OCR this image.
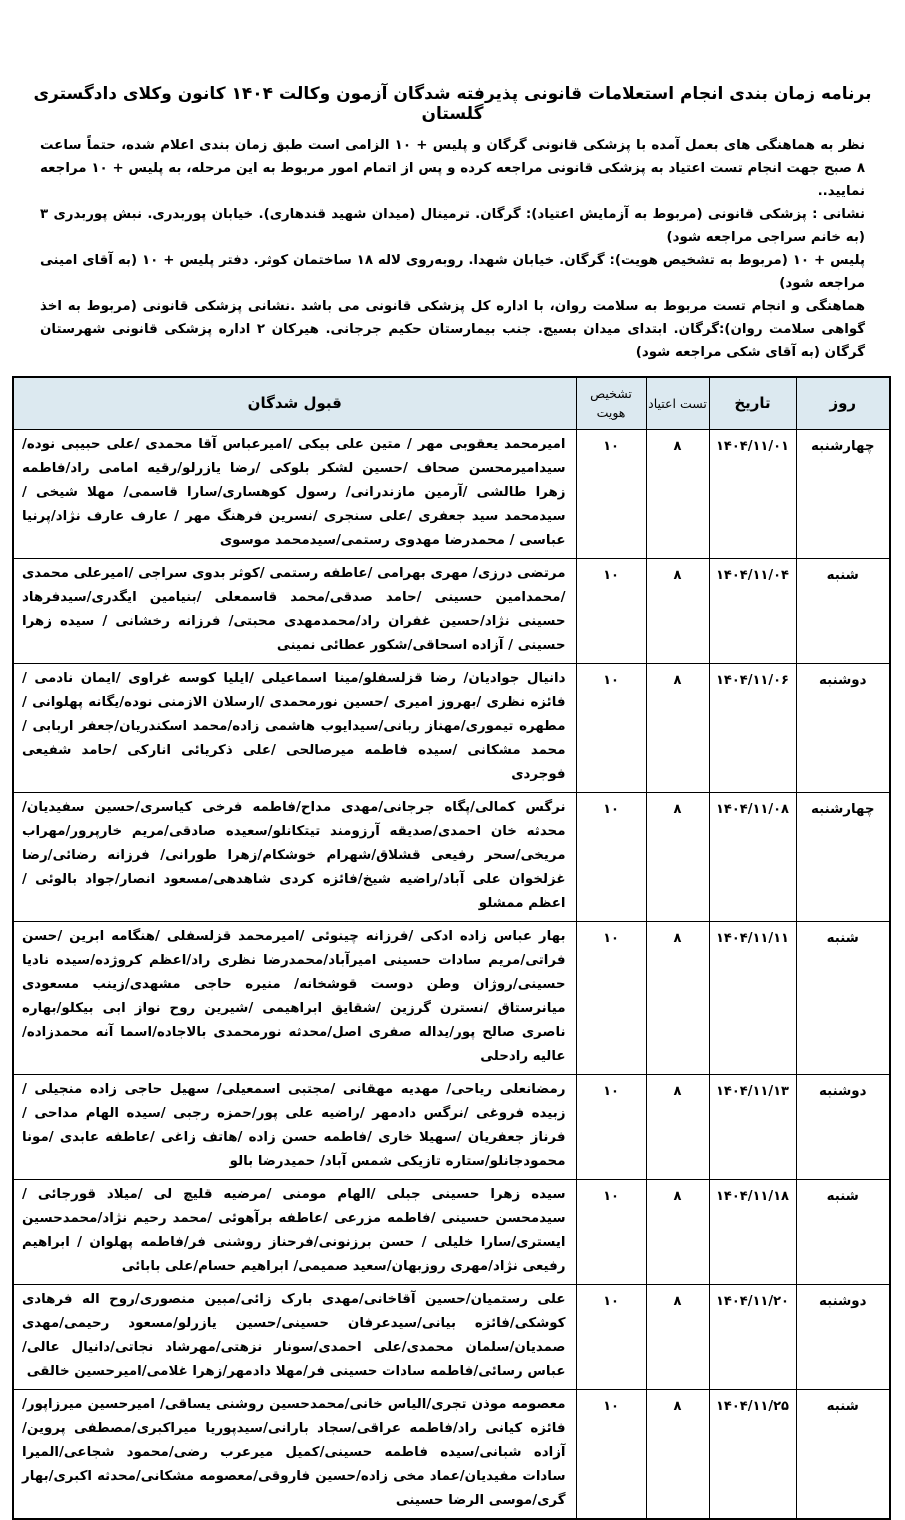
برنامه زمان بندی انجام استعلامات قانونی پذیرفته شدگان آزمون وکالت ۱۴۰۴ کانون وکلای دادگستری گلستان

نظر به هماهنگی های بعمل آمده با پزشکی قانونی گرگان و پلیس + ۱۰ الزامی است طبق زمان بندی اعلام شده، حتماً ساعت ۸ صبح جهت انجام تست اعتیاد به پزشکی قانونی مراجعه کرده و پس از اتمام امور مربوط به این مرحله، به پلیس + ۱۰ مراجعه نمایید..

نشانی : پزشکی قانونی (مربوط به آزمایش اعتیاد): گرگان. ترمینال (میدان شهید قندهاری). خیابان پوربدری. نبش پوربدری ۳ (به خانم سراجی مراجعه شود)

پلیس + ۱۰ (مربوط به تشخیص هویت): گرگان. خیابان شهدا. روبه‌روی لاله ۱۸ ساختمان کوثر. دفتر پلیس + ۱۰ (به آقای امینی مراجعه شود)

هماهنگی و انجام تست مربوط به سلامت روان، با اداره کل پزشکی قانونی می باشد .نشانی پزشکی قانونی (مربوط به اخذ گواهی سلامت روان):گرگان. ابتدای میدان بسیج. جنب بیمارستان حکیم جرجانی. هیرکان ۲ اداره پزشکی قانونی شهرستان گرگان (به آقای شکی مراجعه شود)

روز	تاریخ	تست اعتیاد	تشخیص هویت	قبول شدگان
چهارشنبه	۱۴۰۴/۱۱/۰۱	۸	۱۰	امیرمحمد یعقوبی مهر / متین علی بیکی /امیرعباس آقا محمدی /علی حبیبی نوده/سیدامیرمحسن صحاف /حسین لشکر بلوکی /رضا یازرلو/رقیه امامی راد/فاطمه زهرا طالشی /آرمین مازندرانی/ رسول کوهساری/سارا قاسمی/ مهلا شیخی / سیدمحمد سید جعفری /علی سنجری /نسرین فرهنگ مهر / عارف عارف نژاد/پرنیا عباسی / محمدرضا مهدوی رستمی/سیدمحمد موسوی
شنبه	۱۴۰۴/۱۱/۰۴	۸	۱۰	مرتضی درزی/ مهری بهرامی /عاطفه رستمی /کوثر بدوی سراجی /امیرعلی محمدی /محمدامین حسینی /حامد صدقی/محمد قاسمعلی /بنیامین ایگدری/سیدفرهاد حسینی نژاد/حسین غفران راد/محمدمهدی محبتی/ فرزانه رخشانی / سیده زهرا حسینی / آزاده اسحاقی/شکور عطائی نمینی
دوشنبه	۱۴۰۴/۱۱/۰۶	۸	۱۰	دانیال جوادیان/ رضا قزلسفلو/مینا اسماعیلی /ایلیا کوسه غراوی /ایمان نادمی /فائزه نظری /بهروز امیری /حسین نورمحمدی /ارسلان الازمنی نوده/یگانه پهلوانی /مطهره تیموری/مهناز ربانی/سیدایوب هاشمی زاده/محمد اسکندریان/جعفر اربابی /محمد مشکانی /سیده فاطمه میرصالحی /علی ذکریائی انارکی /حامد شفیعی فوجردی
چهارشنبه	۱۴۰۴/۱۱/۰۸	۸	۱۰	نرگس کمالی/پگاه جرجانی/مهدی مداح/فاطمه فرخی کیاسری/حسین سفیدیان/محدثه خان احمدی/صدیقه آرزومند تیتکانلو/سعیده صادقی/مریم خارپرور/مهراب مریخی/سحر رفیعی قشلاق/شهرام خوشکام/زهرا طورانی/ فرزانه رضائی/رضا غزلخوان علی آباد/راضیه شیخ/فائزه کردی شاهدهی/مسعود انصار/جواد بالوئی /اعظم ممشلو
شنبه	۱۴۰۴/۱۱/۱۱	۸	۱۰	بهار عباس زاده ادکی /فرزانه چینوئی /امیرمحمد قزلسفلی /هنگامه ابرین /حسن فراتی/مریم سادات حسینی امیرآباد/محمدرضا نظری راد/اعظم کروژده/سیده نادیا حسینی/روژان وطن دوست قوشخانه/ منیره حاجی مشهدی/زینب مسعودی میانرستاق /نسترن گرزین /شقایق ابراهیمی /شیرین روح نواز ابی بیکلو/بهاره ناصری صالح پور/یداله صفری اصل/محدثه نورمحمدی بالاجاده/اسما آنه محمدزاده/عالیه رادحلی
دوشنبه	۱۴۰۴/۱۱/۱۳	۸	۱۰	رمضانعلی ریاحی/ مهدیه مهقانی /مجتبی اسمعیلی/ سهیل حاجی زاده منجیلی /زبیده فروغی /نرگس دادمهر /راضیه علی پور/حمزه رجبی /سیده الهام مداحی /فرناز جعفریان /سهیلا خاری /فاطمه حسن زاده /هاتف زاغی /عاطفه عابدی /مونا محمودجانلو/ستاره تازیکی شمس آباد/ حمیدرضا بالو
شنبه	۱۴۰۴/۱۱/۱۸	۸	۱۰	سیده زهرا حسینی جبلی /الهام مومنی /مرضیه قلیچ لی /میلاد قورجائی /سیدمحسن حسینی /فاطمه مزرعی /عاطفه برآهوئی /محمد رحیم نژاد/محمدحسین ایستری/سارا خلیلی / حسن برزنونی/فرحناز روشنی فر/فاطمه پهلوان / ابراهیم رفیعی نژاد/مهری روزبهان/سعید صمیمی/ ابراهیم حسام/علی بابائی
دوشنبه	۱۴۰۴/۱۱/۲۰	۸	۱۰	علی رستمیان/حسین آقاخانی/مهدی بارک زائی/مبین منصوری/روح اله فرهادی کوشکی/فائزه بیانی/سیدعرفان حسینی/حسین یازرلو/مسعود رحیمی/مهدی صمدیان/سلمان محمدی/علی احمدی/سونار نزهتی/مهرشاد نجاتی/دانیال عالی/عباس رسائی/فاطمه سادات حسینی فر/مهلا دادمهر/زهرا غلامی/امیرحسین خالقی
شنبه	۱۴۰۴/۱۱/۲۵	۸	۱۰	معصومه موذن تجری/الیاس خانی/محمدحسین روشنی یساقی/ امیرحسین میرزاپور/فائزه کیانی راد/فاطمه عراقی/سجاد بارانی/سیدپوریا میراکبری/مصطفی پروین/آزاده شبانی/سیده فاطمه حسینی/کمیل میرعرب رضی/محمود شجاعی/المیرا سادات مفیدیان/عماد مخی زاده/حسین فاروقی/معصومه مشکانی/محدثه اکبری/بهار گری/موسی الرضا حسینی
